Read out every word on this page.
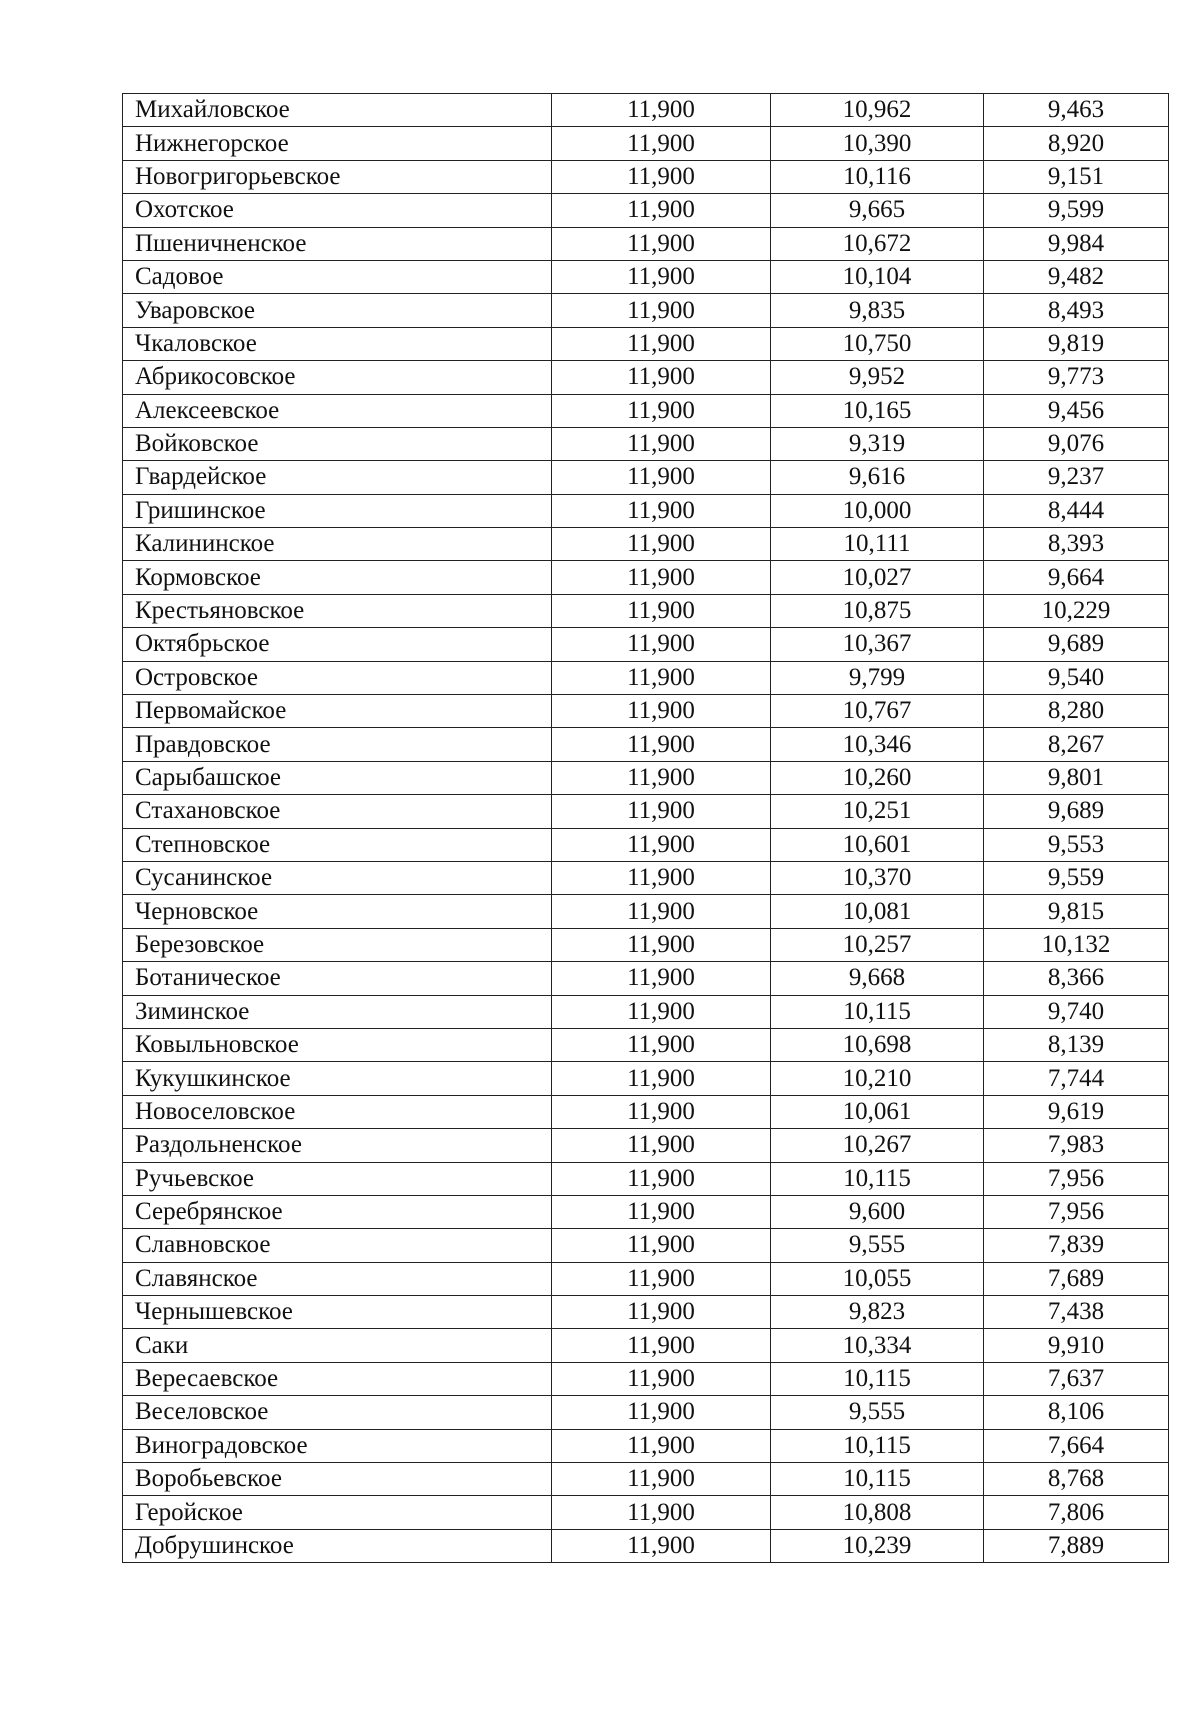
Михайловское	11,900	10,962	9,463
Нижнегорское	11,900	10,390	8,920
Новогригорьевское	11,900	10,116	9,151
Охотское	11,900	9,665	9,599
Пшеничненское	11,900	10,672	9,984
Садовое	11,900	10,104	9,482
Уваровское	11,900	9,835	8,493
Чкаловское	11,900	10,750	9,819
Абрикосовское	11,900	9,952	9,773
Алексеевское	11,900	10,165	9,456
Войковское	11,900	9,319	9,076
Гвардейское	11,900	9,616	9,237
Гришинское	11,900	10,000	8,444
Калининское	11,900	10,111	8,393
Кормовское	11,900	10,027	9,664
Крестьяновское	11,900	10,875	10,229
Октябрьское	11,900	10,367	9,689
Островское	11,900	9,799	9,540
Первомайское	11,900	10,767	8,280
Правдовское	11,900	10,346	8,267
Сарыбашское	11,900	10,260	9,801
Стахановское	11,900	10,251	9,689
Степновское	11,900	10,601	9,553
Сусанинское	11,900	10,370	9,559
Черновское	11,900	10,081	9,815
Березовское	11,900	10,257	10,132
Ботаническое	11,900	9,668	8,366
Зиминское	11,900	10,115	9,740
Ковыльновское	11,900	10,698	8,139
Кукушкинское	11,900	10,210	7,744
Новоселовское	11,900	10,061	9,619
Раздольненское	11,900	10,267	7,983
Ручьевское	11,900	10,115	7,956
Серебрянское	11,900	9,600	7,956
Славновское	11,900	9,555	7,839
Славянское	11,900	10,055	7,689
Чернышевское	11,900	9,823	7,438
Саки	11,900	10,334	9,910
Вересаевское	11,900	10,115	7,637
Веселовское	11,900	9,555	8,106
Виноградовское	11,900	10,115	7,664
Воробьевское	11,900	10,115	8,768
Геройское	11,900	10,808	7,806
Добрушинское	11,900	10,239	7,889
